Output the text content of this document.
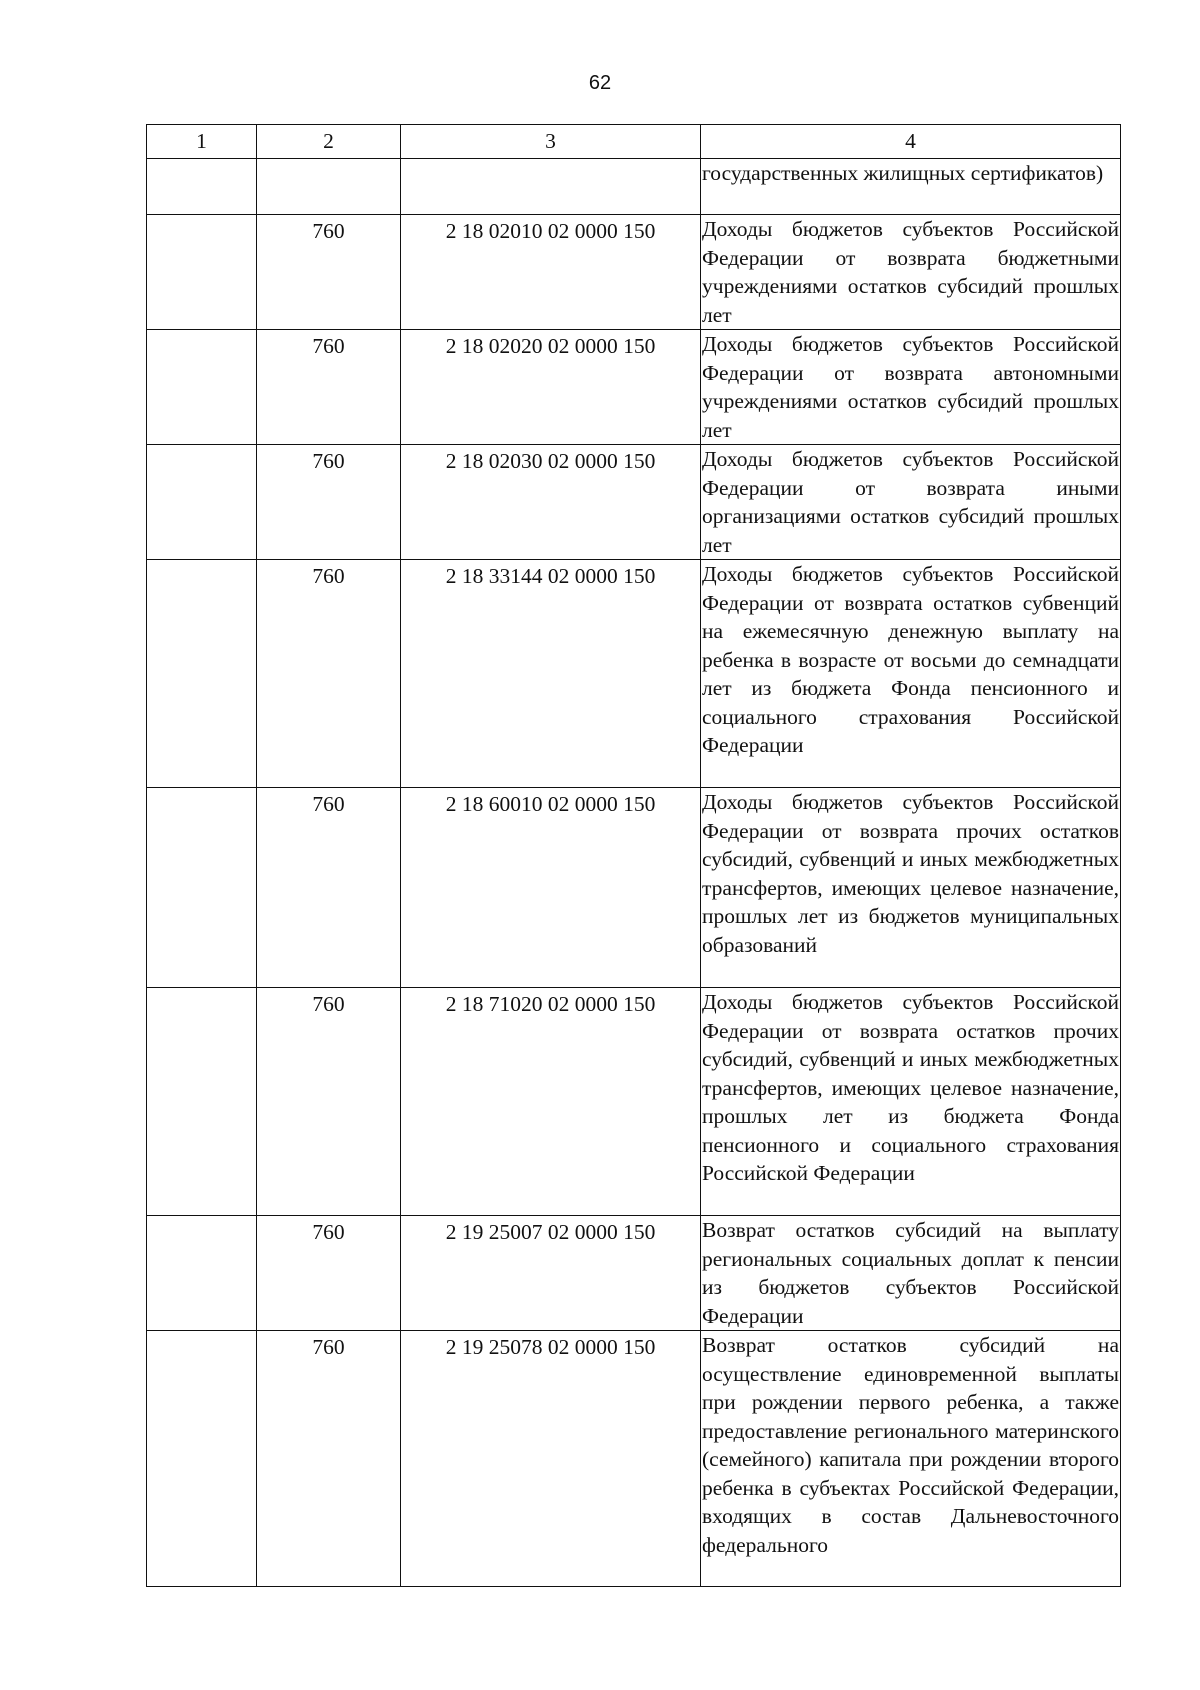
62
1	2	3	4
			государственных жилищных сертификатов)
	760	2 18 02010 02 0000 150	Доходы бюджетов субъектов Российской Федерации от возврата бюджетными учреждениями остатков субсидий прошлых лет
	760	2 18 02020 02 0000 150	Доходы бюджетов субъектов Российской Федерации от возврата автономными учреждениями остатков субсидий прошлых лет
	760	2 18 02030 02 0000 150	Доходы бюджетов субъектов Российской Федерации от возврата иными организациями остатков субсидий прошлых лет
	760	2 18 33144 02 0000 150	Доходы бюджетов субъектов Российской Федерации от возврата остатков субвенций на ежемесячную денежную выплату на ребенка в возрасте от восьми до семнадцати лет из бюджета Фонда пенсионного и социального страхования Российской Федерации
	760	2 18 60010 02 0000 150	Доходы бюджетов субъектов Российской Федерации от возврата прочих остатков субсидий, субвенций и иных межбюджетных трансфертов, имеющих целевое назначение, прошлых лет из бюджетов муниципальных образований
	760	2 18 71020 02 0000 150	Доходы бюджетов субъектов Российской Федерации от возврата остатков прочих субсидий, субвенций и иных межбюджетных трансфертов, имеющих целевое назначение, прошлых лет из бюджета Фонда пенсионного и социального страхования Российской Федерации
	760	2 19 25007 02 0000 150	Возврат остатков субсидий на выплату региональных социальных доплат к пенсии из бюджетов субъектов Российской Федерации
	760	2 19 25078 02 0000 150	Возврат остатков субсидий на осуществление единовременной выплаты при рождении первого ребенка, а также предоставление регионального материнского (семейного) капитала при рождении второго ребенка в субъектах Российской Федерации, входящих в состав Дальневосточного федерального
